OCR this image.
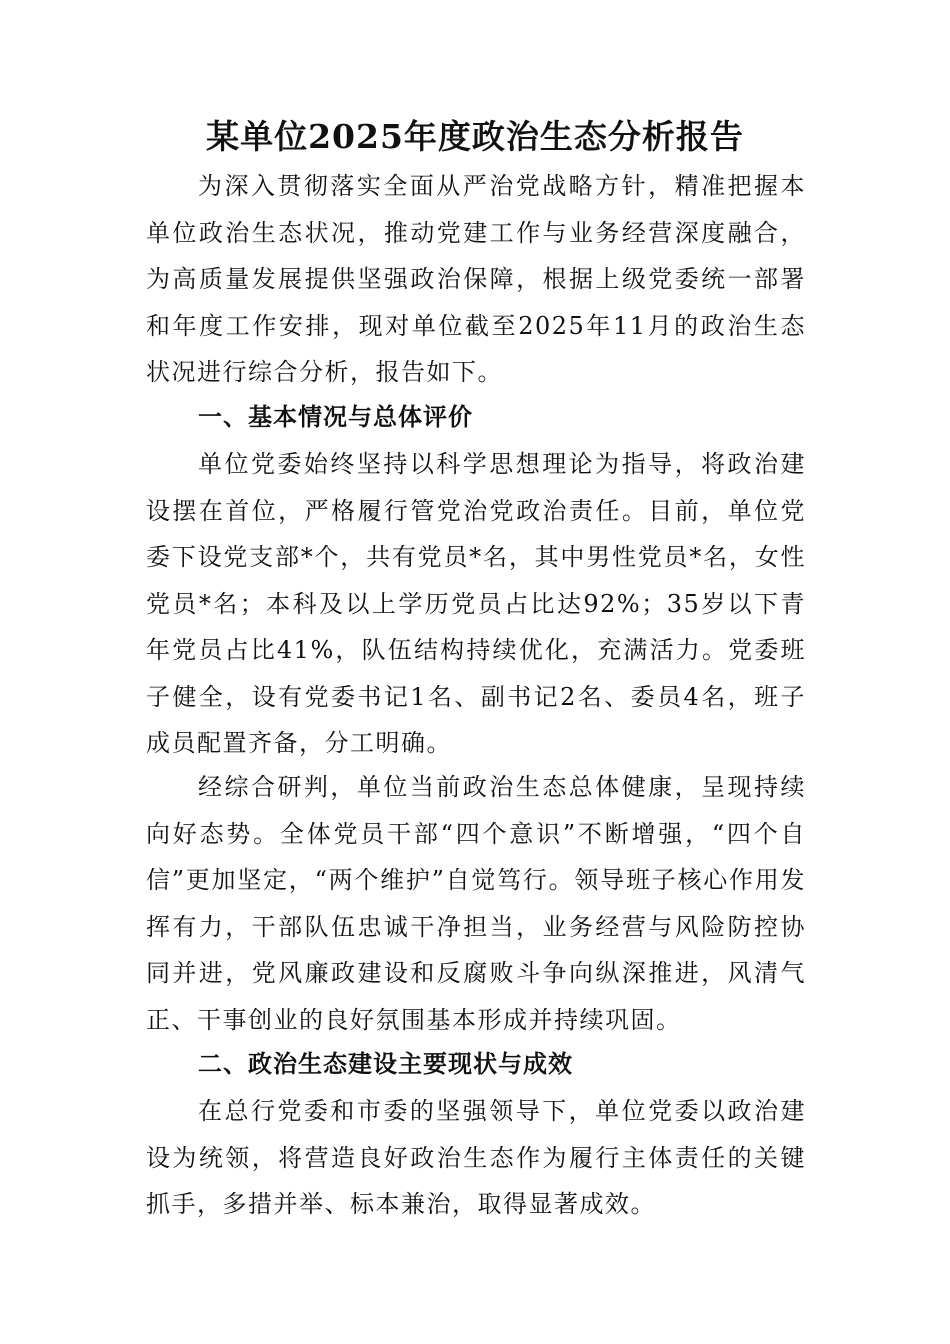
某单位2025年度政治生态分析报告

为深入贯彻落实全面从严治党战略方针，精准把握本单位政治生态状况，推动党建工作与业务经营深度融合，为高质量发展提供坚强政治保障，根据上级党委统一部署和年度工作安排，现对单位截至2025年11月的政治生态状况进行综合分析，报告如下。

一、基本情况与总体评价

单位党委始终坚持以科学思想理论为指导，将政治建设摆在首位，严格履行管党治党政治责任。目前，单位党委下设党支部*个，共有党员*名，其中男性党员*名，女性党员*名；本科及以上学历党员占比达92%；35岁以下青年党员占比41%，队伍结构持续优化，充满活力。党委班子健全，设有党委书记1名、副书记2名、委员4名，班子成员配置齐备，分工明确。

经综合研判，单位当前政治生态总体健康，呈现持续向好态势。全体党员干部“四个意识”不断增强，“四个自信”更加坚定，“两个维护”自觉笃行。领导班子核心作用发挥有力，干部队伍忠诚干净担当，业务经营与风险防控协同并进，党风廉政建设和反腐败斗争向纵深推进，风清气正、干事创业的良好氛围基本形成并持续巩固。

二、政治生态建设主要现状与成效

在总行党委和市委的坚强领导下，单位党委以政治建设为统领，将营造良好政治生态作为履行主体责任的关键抓手，多措并举、标本兼治，取得显著成效。
